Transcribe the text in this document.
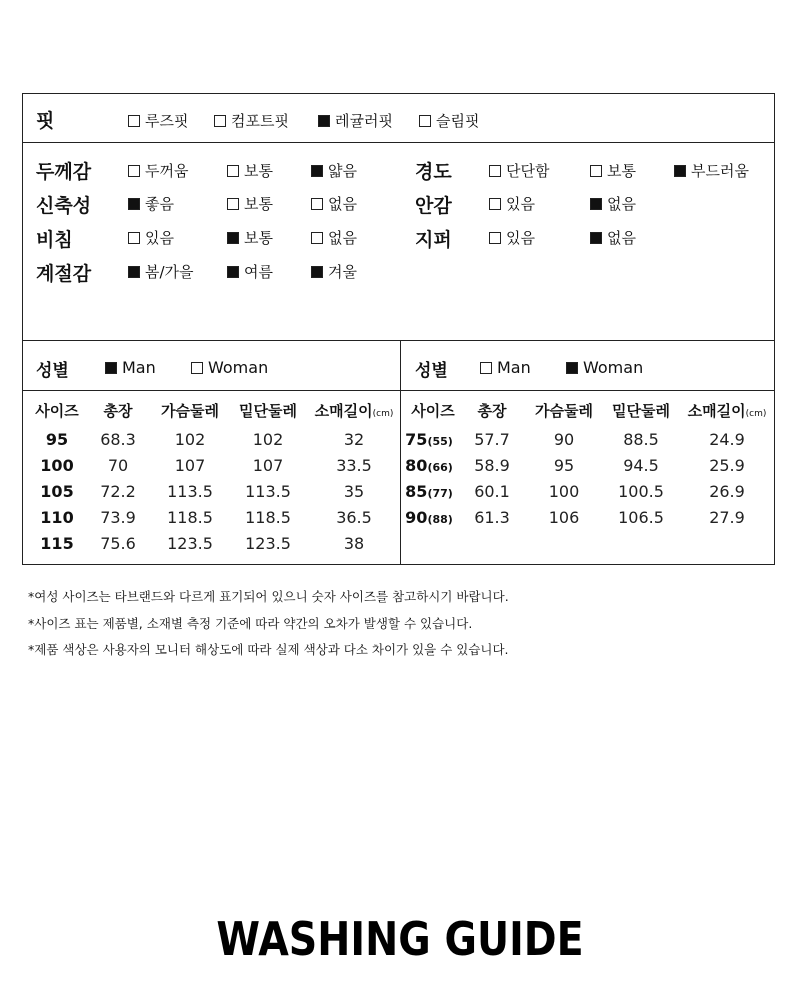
핏	루즈핏	컴포트핏	레귤러핏	슬림핏
두께감	두꺼움	보통	얇음
신축성	좋음	보통	없음
비침	있음	보통	없음
계절감	봄/가을	여름	겨울
경도	단단함	보통	부드러움
안감	있음	없음
지퍼	있음	없음
성별	Man	Woman	성별	Man	Woman
사이즈	총장	가슴둘레	밑단둘레	소매길이(cm)	사이즈	총장	가슴둘레	밑단둘레	소매길이(cm)
95	68.3	102	102	32
100	70	107	107	33.5
105	72.2	113.5	113.5	35
110	73.9	118.5	118.5	36.5
115	75.6	123.5	123.5	38
75(55)	57.7	90	88.5	24.9
80(66)	58.9	95	94.5	25.9
85(77)	60.1	100	100.5	26.9
90(88)	61.3	106	106.5	27.9
*여성 사이즈는 타브랜드와 다르게 표기되어 있으니 숫자 사이즈를 참고하시기 바랍니다.
*사이즈 표는 제품별, 소재별 측정 기준에 따라 약간의 오차가 발생할 수 있습니다.
*제품 색상은 사용자의 모니터 해상도에 따라 실제 색상과 다소 차이가 있을 수 있습니다.
WASHING GUIDE
